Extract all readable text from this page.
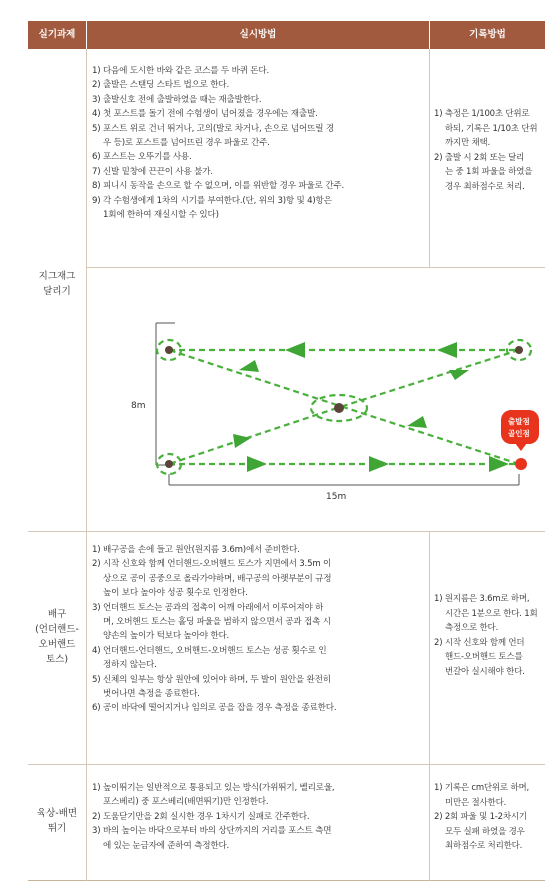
실기과제	실시방법	기록방법
지그재그
달리기
1) 다음에 도시한 바와 같은 코스를 두 바퀴 돈다.
2) 출발은 스탠딩 스타트 법으로 한다.
3) 출발신호 전에 출발하였을 때는 재출발한다.
4) 첫 포스트를 돌기 전에 수험생이 넘어졌을 경우에는 재출발.
5) 포스트 위로 건너 뛰거나, 고의(발로 차거나, 손으로 넘어뜨릴 경
우 등)로 포스트를 넘어뜨린 경우 파울로 간주.
6) 포스트는 오뚜기를 사용.
7) 신발 밑창에 끈끈이 사용 불가.
8) 피니시 동작을 손으로 할 수 없으며, 이를 위반할 경우 파울로 간주.
9) 각 수험생에게 1차의 시기를 부여한다.(단, 위의 3)항 및 4)항은
1회에 한하여 재실시할 수 있다)
1) 측정은 1/100초 단위로
하되, 기록은 1/10초 단위
까지만 채택.
2) 출발 시 2회 또는 달리
는 중 1회 파울을 하였을
경우 최하점수로 처리.
8m
15m
출발점
골인점
배구
(언더핸드-
오버핸드
토스)
1) 배구공을 손에 들고 원안(원지름 3.6m)에서 준비한다.
2) 시작 신호와 함께 언더핸드-오버핸드 토스가 지면에서 3.5m 이
상으로 공이 공중으로 올라가야하며, 배구공의 아랫부분이 규정
높이 보다 높아야 성공 횟수로 인정한다.
3) 언더핸드 토스는 공과의 접촉이 어깨 아래에서 이루어져야 하
며, 오버핸드 토스는 홀딩 파울을 범하지 않으면서 공과 접촉 시
양손의 높이가 턱보다 높아야 한다.
4) 언더핸드-언더핸드, 오버핸드-오버핸드 토스는 성공 횟수로 인
정하지 않는다.
5) 신체의 일부는 항상 원안에 있어야 하며, 두 발이 원안을 완전히
벗어나면 측정을 종료한다.
6) 공이 바닥에 떨어지거나 임의로 공을 잡을 경우 측정을 종료한다.
1) 원지름은 3.6m로 하며,
시간은 1분으로 한다. 1회
측정으로 한다.
2) 시작 신호와 함께 언더
핸드-오버핸드 토스를
번갈아 실시해야 한다.
육상-배면
뛰기
1) 높이뛰기는 일반적으로 통용되고 있는 방식(가위뛰기, 벨리로울,
포스베리) 중 포스베리(배면뛰기)만 인정한다.
2) 도움닫기만을 2회 실시한 경우 1차시기 실패로 간주한다.
3) 바의 높이는 바닥으로부터 바의 상단까지의 거리를 포스트 측면
에 있는 눈금자에 준하여 측정한다.
1) 기록은 cm단위로 하며,
미만은 절사한다.
2) 2회 파울 및 1-2차시기
모두 실패 하였을 경우
최하점수로 처리한다.
